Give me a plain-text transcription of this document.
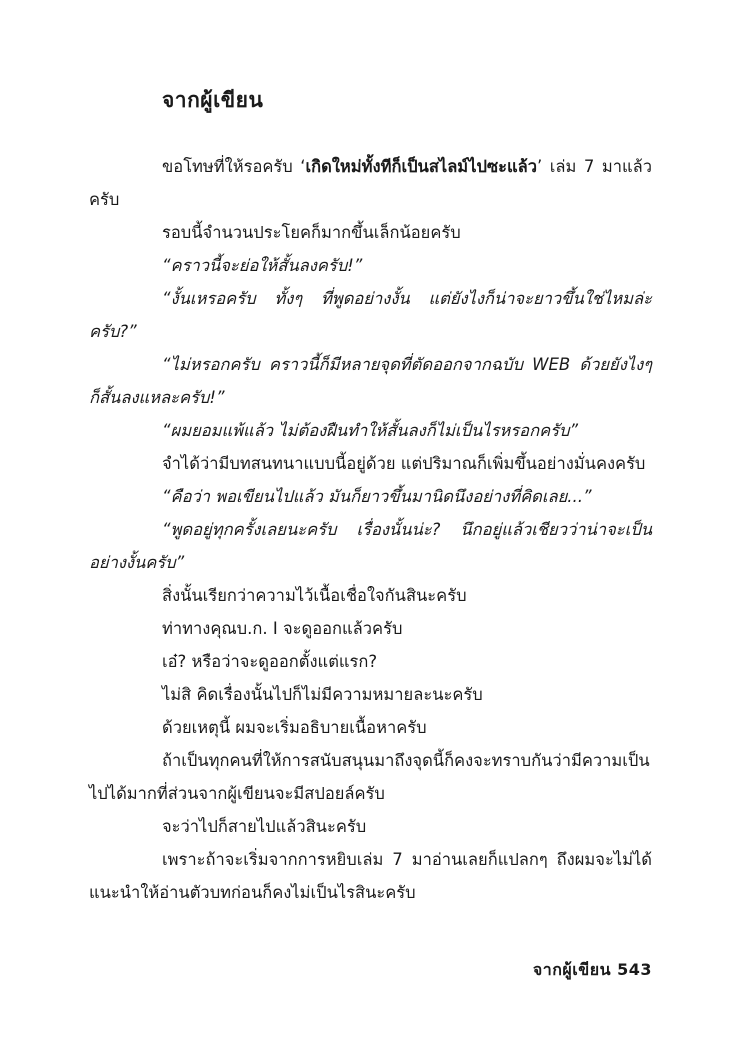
จากผู้เขียน

ขอโทษที่ให้รอครับ ‘เกิดใหม่ทั้งทีก็เป็นสไลม์ไปซะแล้ว’ เล่ม 7 มาแล้วครับ

รอบนี้จำนวนประโยคก็มากขึ้นเล็กน้อยครับ

“คราวนี้จะย่อให้สั้นลงครับ!”

“งั้นเหรอครับ ทั้งๆ ที่พูดอย่างงั้น แต่ยังไงก็น่าจะยาวขึ้นใช่ไหมล่ะครับ?”

“ไม่หรอกครับ คราวนี้ก็มีหลายจุดที่ตัดออกจากฉบับ WEB ด้วยยังไงๆ ก็สั้นลงแหละครับ!”

“ผมยอมแพ้แล้ว ไม่ต้องฝืนทำให้สั้นลงก็ไม่เป็นไรหรอกครับ”

จำได้ว่ามีบทสนทนาแบบนี้อยู่ด้วย แต่ปริมาณก็เพิ่มขึ้นอย่างมั่นคงครับ

“คือว่า พอเขียนไปแล้ว มันก็ยาวขึ้นมานิดนึงอย่างที่คิดเลย...”

“พูดอยู่ทุกครั้งเลยนะครับ เรื่องนั้นน่ะ? นึกอยู่แล้วเชียวว่าน่าจะเป็นอย่างงั้นครับ”

สิ่งนั้นเรียกว่าความไว้เนื้อเชื่อใจกันสินะครับ

ท่าทางคุณบ.ก. I จะดูออกแล้วครับ

เอ๋? หรือว่าจะดูออกตั้งแต่แรก?

ไม่สิ คิดเรื่องนั้นไปก็ไม่มีความหมายละนะครับ

ด้วยเหตุนี้ ผมจะเริ่มอธิบายเนื้อหาครับ

ถ้าเป็นทุกคนที่ให้การสนับสนุนมาถึงจุดนี้ก็คงจะทราบกันว่ามีความเป็นไปได้มากที่ส่วนจากผู้เขียนจะมีสปอยล์ครับ

จะว่าไปก็สายไปแล้วสินะครับ

เพราะถ้าจะเริ่มจากการหยิบเล่ม 7 มาอ่านเลยก็แปลกๆ ถึงผมจะไม่ได้แนะนำให้อ่านตัวบทก่อนก็คงไม่เป็นไรสินะครับ

จากผู้เขียน 543
